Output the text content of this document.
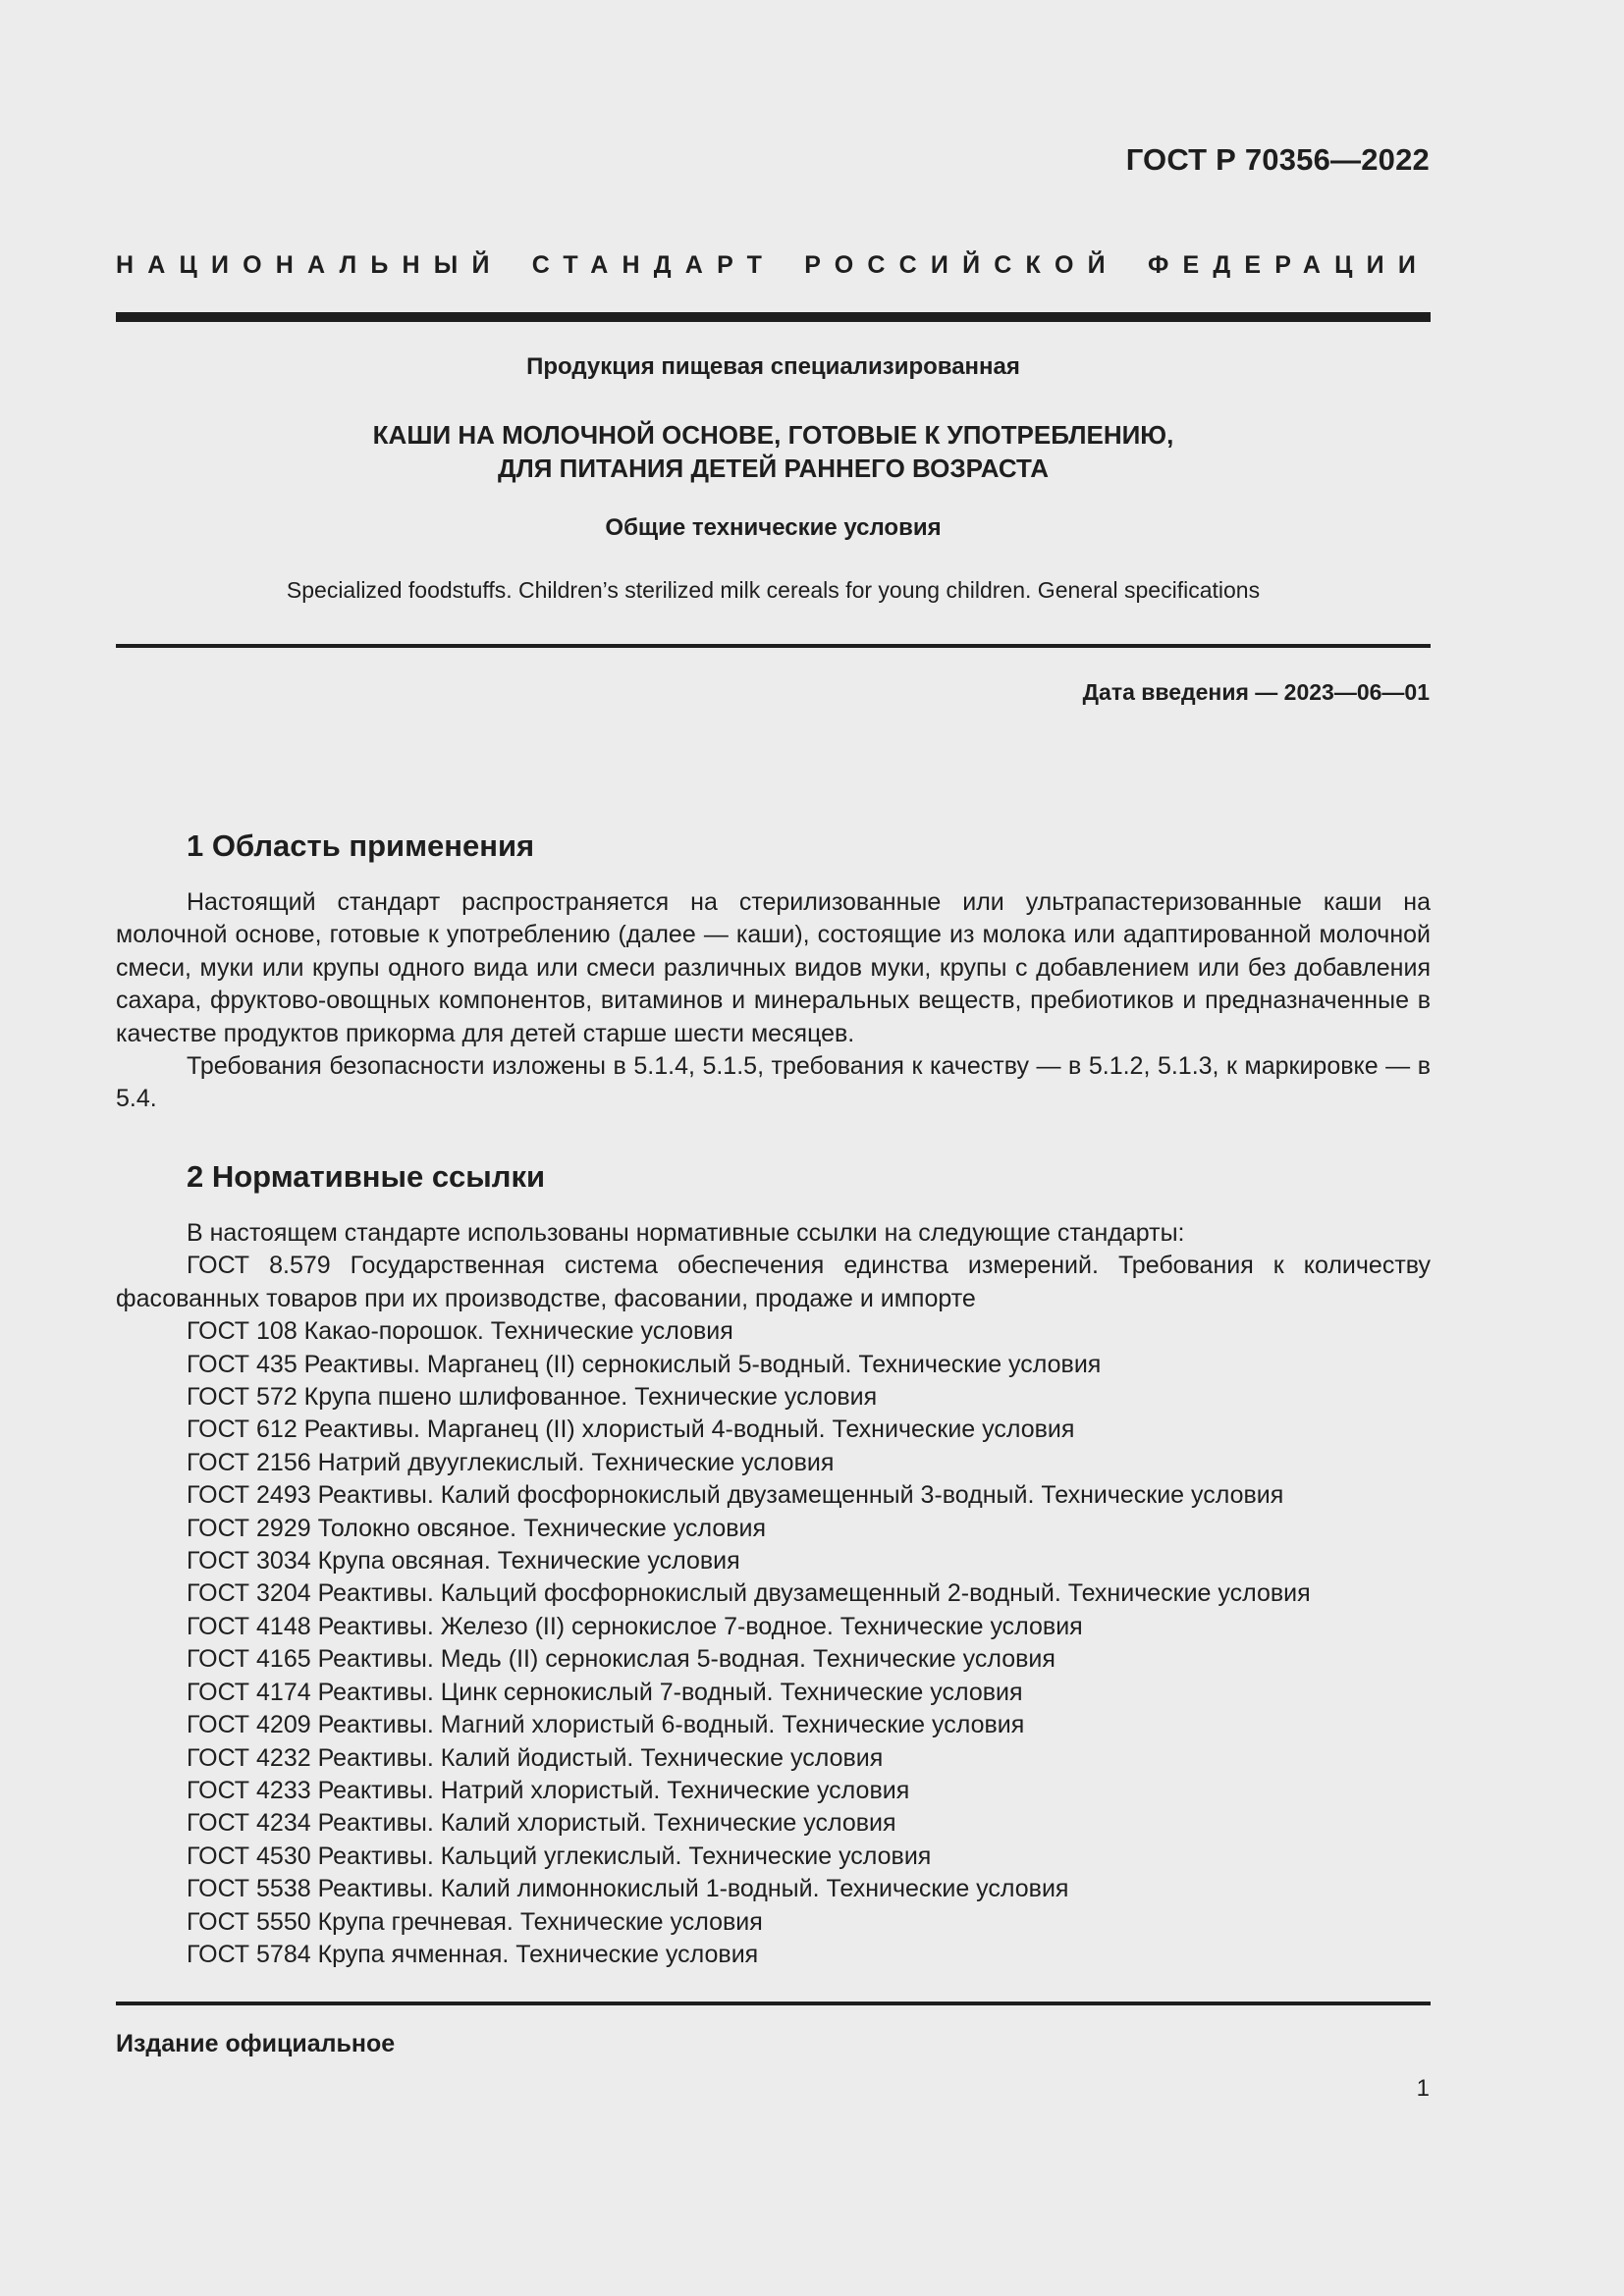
ГОСТ Р 70356—2022
НАЦИОНАЛЬНЫЙ СТАНДАРТ РОССИЙСКОЙ ФЕДЕРАЦИИ
Продукция пищевая специализированная
КАШИ НА МОЛОЧНОЙ ОСНОВЕ, ГОТОВЫЕ К УПОТРЕБЛЕНИЮ,
ДЛЯ ПИТАНИЯ ДЕТЕЙ РАННЕГО ВОЗРАСТА
Общие технические условия
Specialized foodstuffs. Children’s sterilized milk cereals for young children. General specifications
Дата введения — 2023—06—01
1 Область применения

Настоящий стандарт распространяется на стерилизованные или ультрапастеризованные каши на молочной основе, готовые к употреблению (далее — каши), состоящие из молока или адаптированной молочной смеси, муки или крупы одного вида или смеси различных видов муки, крупы с добавлением или без добавления сахара, фруктово-овощных компонентов, витаминов и минеральных веществ, пребиотиков и предназначенные в качестве продуктов прикорма для детей старше шести месяцев.

Требования безопасности изложены в 5.1.4, 5.1.5, требования к качеству — в 5.1.2, 5.1.3, к маркировке — в 5.4.

2 Нормативные ссылки

В настоящем стандарте использованы нормативные ссылки на следующие стандарты:

ГОСТ 8.579 Государственная система обеспечения единства измерений. Требования к количеству фасованных товаров при их производстве, фасовании, продаже и импорте

ГОСТ 108 Какао-порошок. Технические условия

ГОСТ 435 Реактивы. Марганец (II) сернокислый 5-водный. Технические условия

ГОСТ 572 Крупа пшено шлифованное. Технические условия

ГОСТ 612 Реактивы. Марганец (II) хлористый 4-водный. Технические условия

ГОСТ 2156 Натрий двууглекислый. Технические условия

ГОСТ 2493 Реактивы. Калий фосфорнокислый двузамещенный 3-водный. Технические условия

ГОСТ 2929 Толокно овсяное. Технические условия

ГОСТ 3034 Крупа овсяная. Технические условия

ГОСТ 3204 Реактивы. Кальций фосфорнокислый двузамещенный 2-водный. Технические условия

ГОСТ 4148 Реактивы. Железо (II) сернокислое 7-водное. Технические условия

ГОСТ 4165 Реактивы. Медь (II) сернокислая 5-водная. Технические условия

ГОСТ 4174 Реактивы. Цинк сернокислый 7-водный. Технические условия

ГОСТ 4209 Реактивы. Магний хлористый 6-водный. Технические условия

ГОСТ 4232 Реактивы. Калий йодистый. Технические условия

ГОСТ 4233 Реактивы. Натрий хлористый. Технические условия

ГОСТ 4234 Реактивы. Калий хлористый. Технические условия

ГОСТ 4530 Реактивы. Кальций углекислый. Технические условия

ГОСТ 5538 Реактивы. Калий лимоннокислый 1-водный. Технические условия

ГОСТ 5550 Крупа гречневая. Технические условия

ГОСТ 5784 Крупа ячменная. Технические условия

Издание официальное
1
